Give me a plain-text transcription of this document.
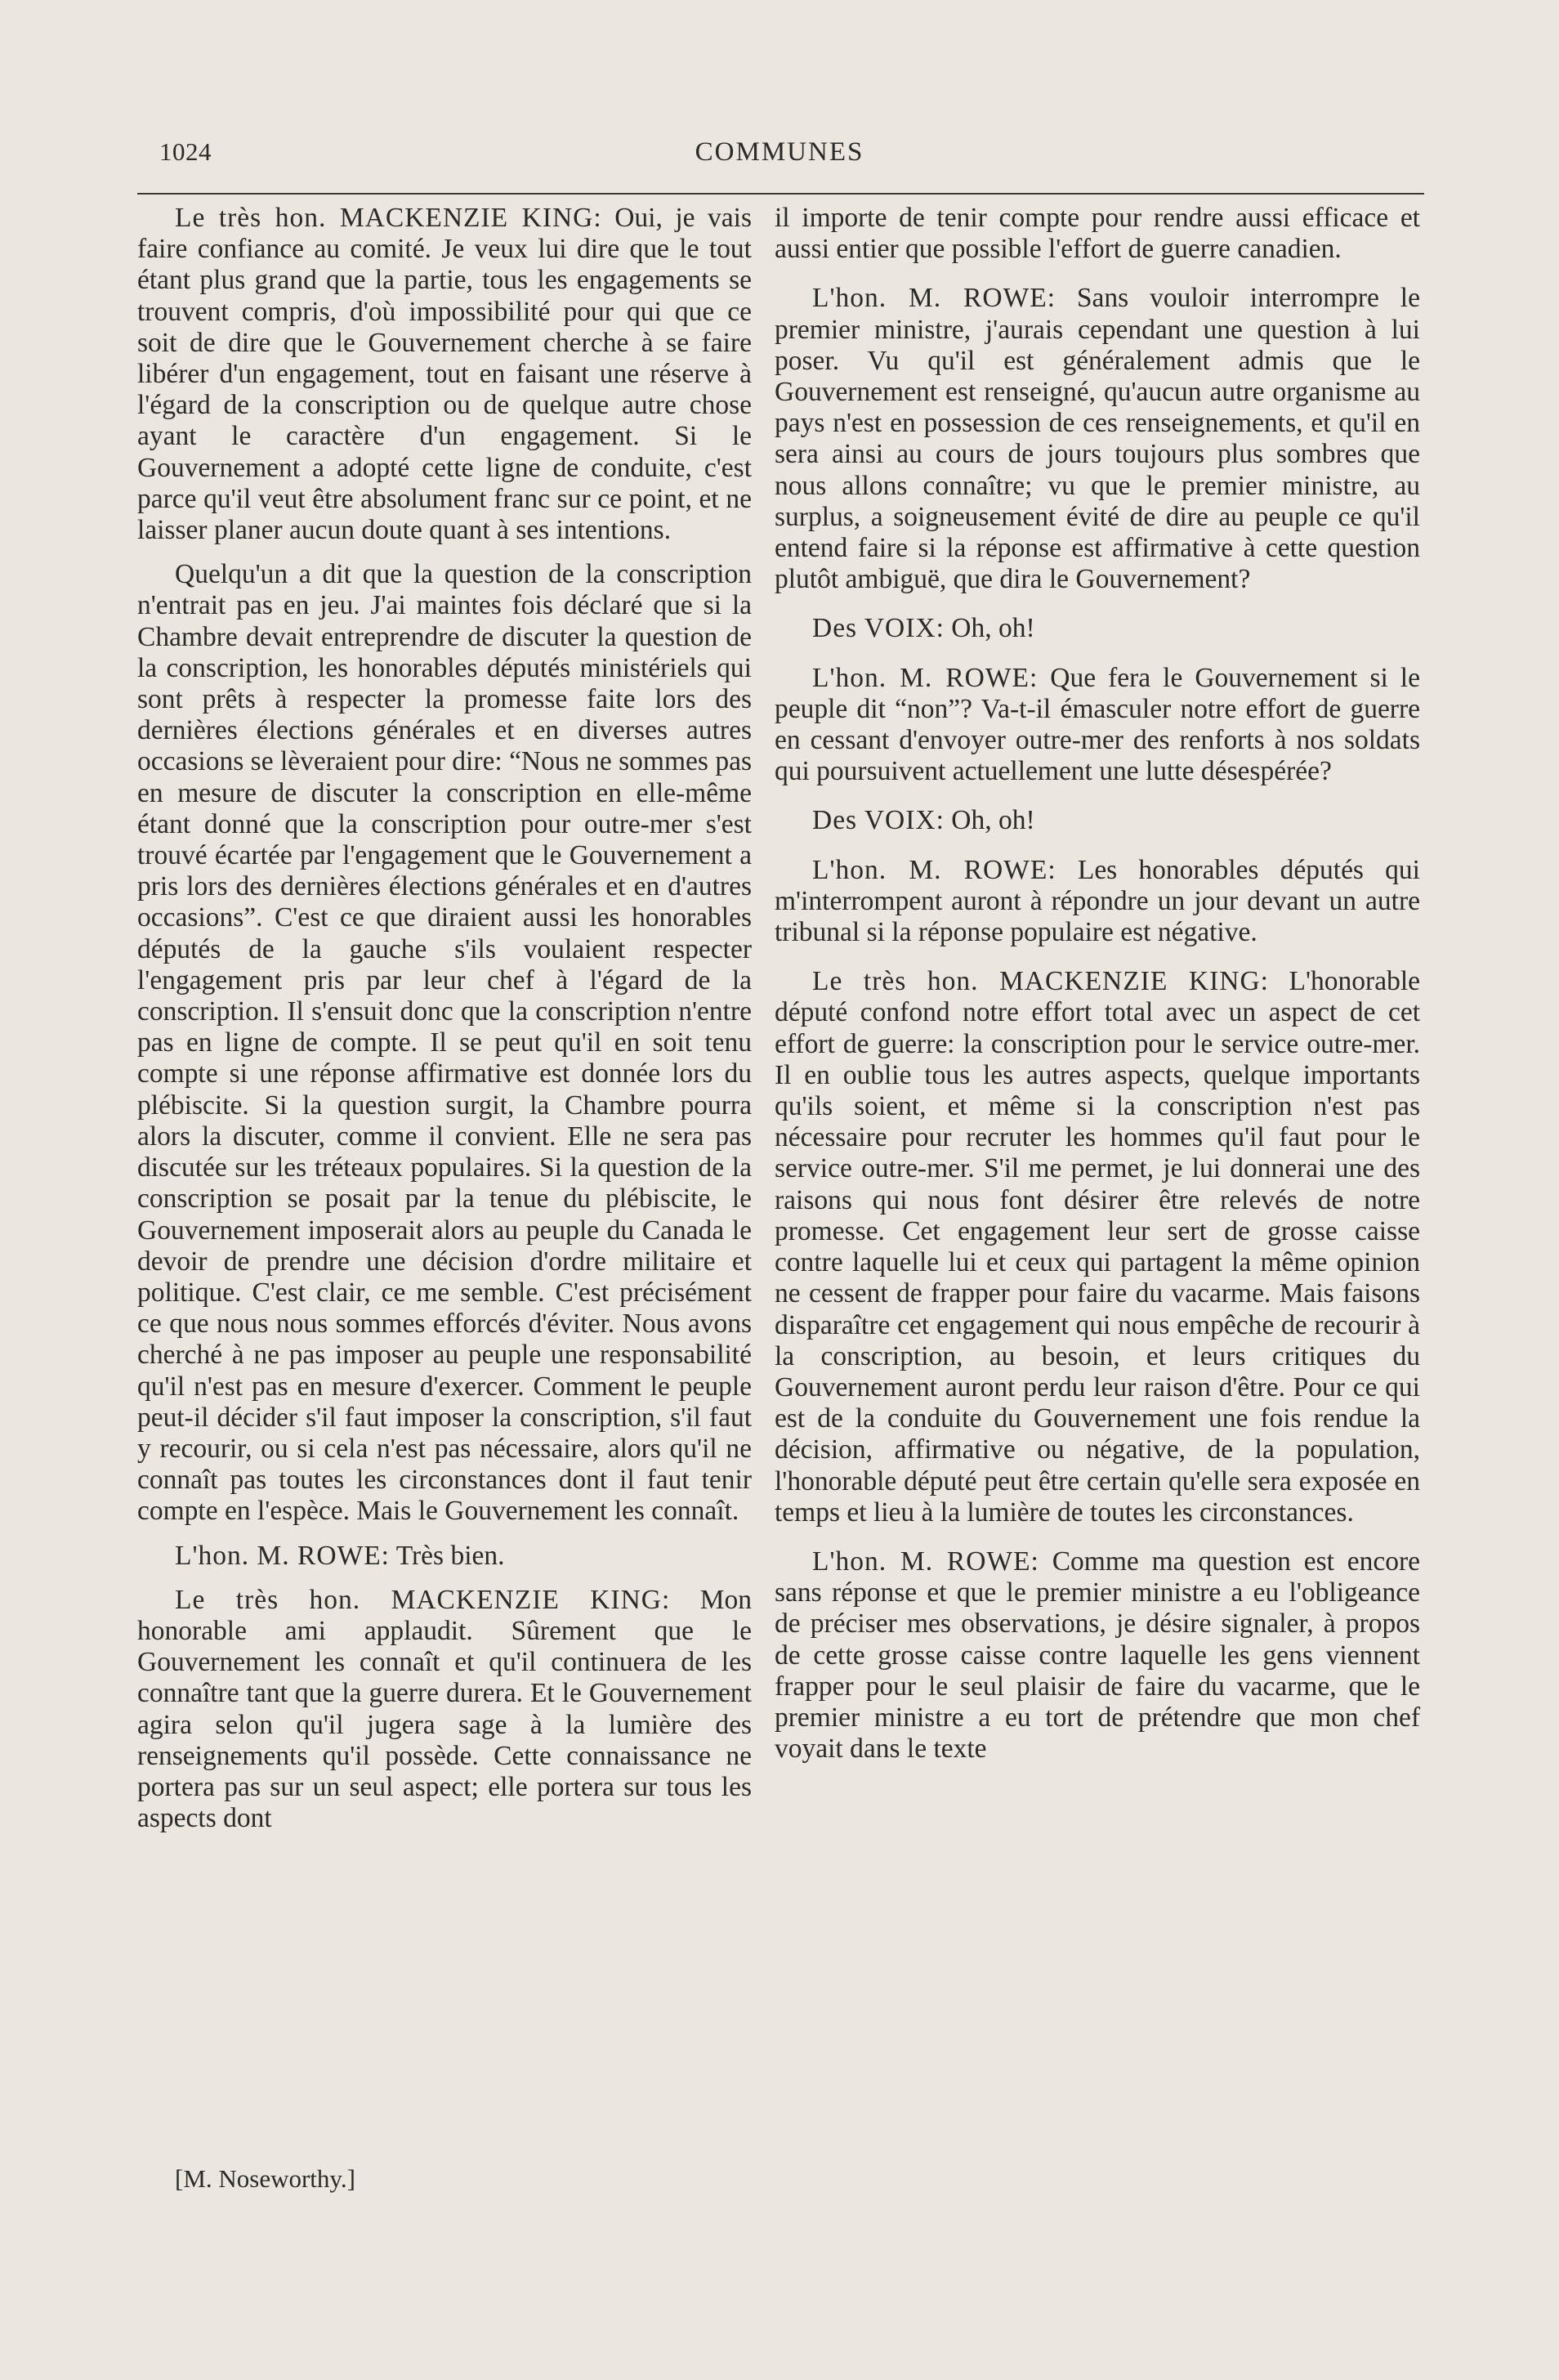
1024	COMMUNES

Le très hon. MACKENZIE KING: Oui, je vais faire confiance au comité. Je veux lui dire que le tout étant plus grand que la partie, tous les engagements se trouvent compris, d'où impossibilité pour qui que ce soit de dire que le Gouvernement cherche à se faire libérer d'un engagement, tout en faisant une réserve à l'égard de la conscription ou de quelque autre chose ayant le caractère d'un engagement. Si le Gouvernement a adopté cette ligne de conduite, c'est parce qu'il veut être absolument franc sur ce point, et ne laisser planer aucun doute quant à ses intentions.

Quelqu'un a dit que la question de la conscription n'entrait pas en jeu. J'ai maintes fois déclaré que si la Chambre devait entreprendre de discuter la question de la conscription, les honorables députés ministériels qui sont prêts à respecter la promesse faite lors des dernières élections générales et en diverses autres occasions se lèveraient pour dire: “Nous ne sommes pas en mesure de discuter la conscription en elle-même étant donné que la conscription pour outre-mer s'est trouvé écartée par l'engagement que le Gouvernement a pris lors des dernières élections générales et en d'autres occasions”. C'est ce que diraient aussi les honorables députés de la gauche s'ils voulaient respecter l'engagement pris par leur chef à l'égard de la conscription. Il s'ensuit donc que la conscription n'entre pas en ligne de compte. Il se peut qu'il en soit tenu compte si une réponse affirmative est donnée lors du plébiscite. Si la question surgit, la Chambre pourra alors la discuter, comme il convient. Elle ne sera pas discutée sur les tréteaux populaires. Si la question de la conscription se posait par la tenue du plébiscite, le Gouvernement imposerait alors au peuple du Canada le devoir de prendre une décision d'ordre militaire et politique. C'est clair, ce me semble. C'est précisément ce que nous nous sommes efforcés d'éviter. Nous avons cherché à ne pas imposer au peuple une responsabilité qu'il n'est pas en mesure d'exercer. Comment le peuple peut-il décider s'il faut imposer la conscription, s'il faut y recourir, ou si cela n'est pas nécessaire, alors qu'il ne connaît pas toutes les circonstances dont il faut tenir compte en l'espèce. Mais le Gouvernement les connaît.

L'hon. M. ROWE: Très bien.

Le très hon. MACKENZIE KING: Mon honorable ami applaudit. Sûrement que le Gouvernement les connaît et qu'il continuera de les connaître tant que la guerre durera. Et le Gouvernement agira selon qu'il jugera sage à la lumière des renseignements qu'il possède. Cette connaissance ne portera pas sur un seul aspect; elle portera sur tous les aspects dont

il importe de tenir compte pour rendre aussi efficace et aussi entier que possible l'effort de guerre canadien.

L'hon. M. ROWE: Sans vouloir interrompre le premier ministre, j'aurais cependant une question à lui poser. Vu qu'il est généralement admis que le Gouvernement est renseigné, qu'aucun autre organisme au pays n'est en possession de ces renseignements, et qu'il en sera ainsi au cours de jours toujours plus sombres que nous allons connaître; vu que le premier ministre, au surplus, a soigneusement évité de dire au peuple ce qu'il entend faire si la réponse est affirmative à cette question plutôt ambiguë, que dira le Gouvernement?

Des VOIX: Oh, oh!

L'hon. M. ROWE: Que fera le Gouvernement si le peuple dit “non”? Va-t-il émasculer notre effort de guerre en cessant d'envoyer outre-mer des renforts à nos soldats qui poursuivent actuellement une lutte désespérée?

Des VOIX: Oh, oh!

L'hon. M. ROWE: Les honorables députés qui m'interrompent auront à répondre un jour devant un autre tribunal si la réponse populaire est négative.

Le très hon. MACKENZIE KING: L'honorable député confond notre effort total avec un aspect de cet effort de guerre: la conscription pour le service outre-mer. Il en oublie tous les autres aspects, quelque importants qu'ils soient, et même si la conscription n'est pas nécessaire pour recruter les hommes qu'il faut pour le service outre-mer. S'il me permet, je lui donnerai une des raisons qui nous font désirer être relevés de notre promesse. Cet engagement leur sert de grosse caisse contre laquelle lui et ceux qui partagent la même opinion ne cessent de frapper pour faire du vacarme. Mais faisons disparaître cet engagement qui nous empêche de recourir à la conscription, au besoin, et leurs critiques du Gouvernement auront perdu leur raison d'être. Pour ce qui est de la conduite du Gouvernement une fois rendue la décision, affirmative ou négative, de la population, l'honorable député peut être certain qu'elle sera exposée en temps et lieu à la lumière de toutes les circonstances.

L'hon. M. ROWE: Comme ma question est encore sans réponse et que le premier ministre a eu l'obligeance de préciser mes observations, je désire signaler, à propos de cette grosse caisse contre laquelle les gens viennent frapper pour le seul plaisir de faire du vacarme, que le premier ministre a eu tort de prétendre que mon chef voyait dans le texte

[M. Noseworthy.]
